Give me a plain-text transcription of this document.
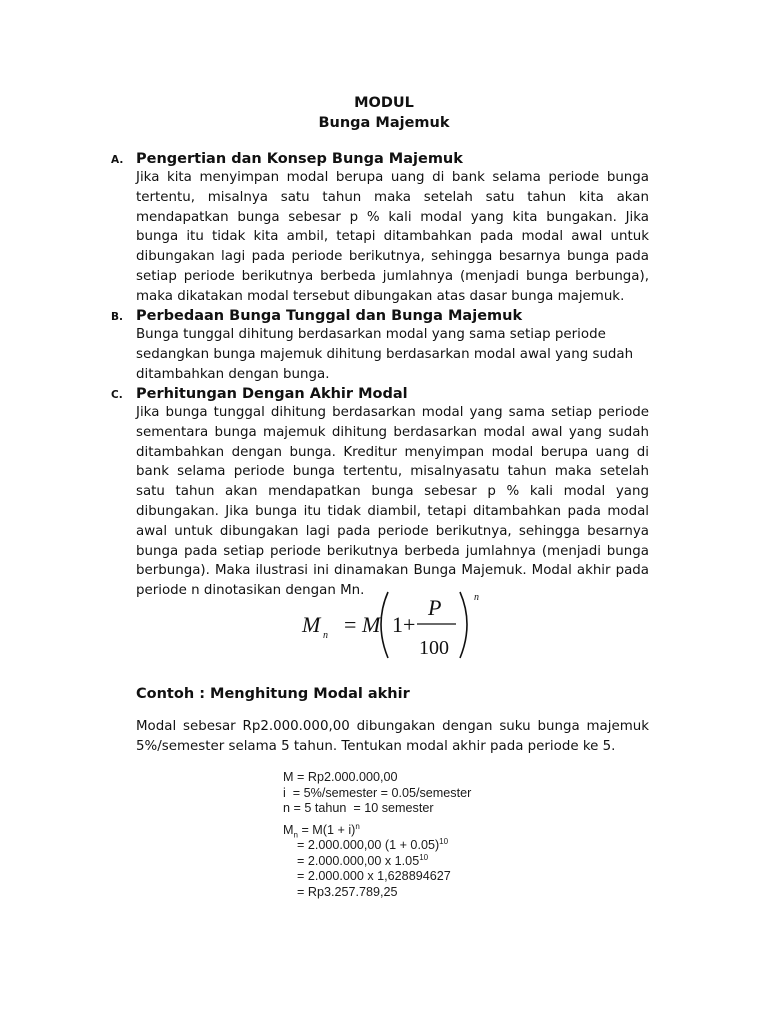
MODUL
Bunga Majemuk
A. Pengertian dan Konsep Bunga Majemuk

Jika kita menyimpan modal berupa uang di bank selama periode bunga tertentu, misalnya satu tahun maka setelah satu tahun kita akan mendapatkan bunga sebesar p % kali modal yang kita bungakan. Jika bunga itu tidak kita ambil, tetapi ditambahkan pada modal awal untuk dibungakan lagi pada periode berikutnya, sehingga besarnya bunga pada setiap periode berikutnya berbeda jumlahnya (menjadi bunga berbunga), maka dikatakan modal tersebut dibungakan atas dasar bunga majemuk.

B. Perbedaan Bunga Tunggal dan Bunga Majemuk

Bunga tunggal dihitung berdasarkan modal yang sama setiap periode sedangkan bunga majemuk dihitung berdasarkan modal awal yang sudah ditambahkan dengan bunga.

C. Perhitungan Dengan Akhir Modal

Jika bunga tunggal dihitung berdasarkan modal yang sama setiap periode sementara bunga majemuk dihitung berdasarkan modal awal yang sudah ditambahkan dengan bunga. Kreditur menyimpan modal berupa uang di bank selama periode bunga tertentu, misalnyasatu tahun maka setelah satu tahun akan mendapatkan bunga sebesar p % kali modal yang dibungakan. Jika bunga itu tidak diambil, tetapi ditambahkan pada modal awal untuk dibungakan lagi pada periode berikutnya, sehingga besarnya bunga pada setiap periode berikutnya berbeda jumlahnya (menjadi bunga berbunga). Maka ilustrasi ini dinamakan Bunga Majemuk. Modal akhir pada periode n dinotasikan dengan Mn.

M n = M 1+
P
100
n
Contoh : Menghitung Modal akhir

Modal sebesar Rp2.000.000,00 dibungakan dengan suku bunga majemuk 5%/semester selama 5 tahun. Tentukan modal akhir pada periode ke 5.

M = Rp2.000.000,00
i  = 5%/semester = 0.05/semester
n = 5 tahun  = 10 semester
$M_n = M(1 + i)^n$
= 2.000.000,00 $(1 + 0.05)^{10}$
= 2.000.000,00 x $1.05^{10}$
= 2.000.000 x 1,628894627
= Rp3.257.789,25
